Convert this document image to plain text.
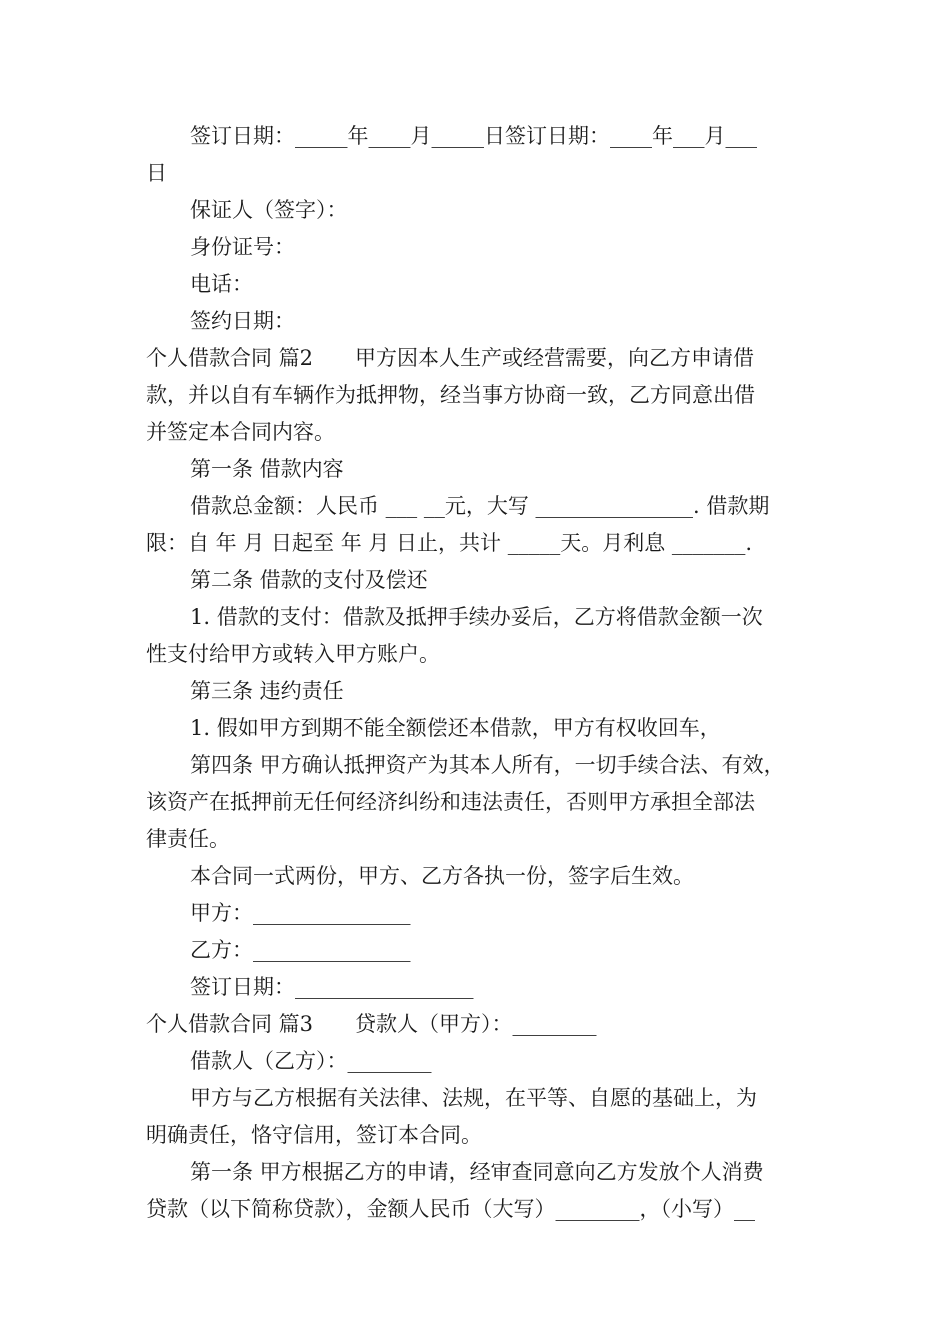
签订日期：_____年____月_____日签订日期：____年___月___
日
保证人（签字）：
身份证号：
电话：
签约日期：
个人借款合同 篇2　　甲方因本人生产或经营需要，向乙方申请借
款，并以自有车辆作为抵押物，经当事方协商一致，乙方同意出借
并签定本合同内容。
第一条 借款内容
借款总金额：人民币 ___ __元，大写 _______________. 借款期
限：自 年 月 日起至 年 月 日止，共计 _____天。月利息 _______.
第二条 借款的支付及偿还
1. 借款的支付：借款及抵押手续办妥后，乙方将借款金额一次
性支付给甲方或转入甲方账户。
第三条 违约责任
1. 假如甲方到期不能全额偿还本借款，甲方有权收回车，
第四条 甲方确认抵押资产为其本人所有，一切手续合法、有效，
该资产在抵押前无任何经济纠纷和违法责任，否则甲方承担全部法
律责任。
本合同一式两份，甲方、乙方各执一份，签字后生效。
甲方：_______________
乙方：_______________
签订日期：_________________
个人借款合同 篇3　　贷款人（甲方）：________
借款人（乙方）：________
甲方与乙方根据有关法律、法规，在平等、自愿的基础上，为
明确责任，恪守信用，签订本合同。
第一条 甲方根据乙方的申请，经审查同意向乙方发放个人消费
贷款（以下简称贷款），金额人民币（大写）________，（小写）__
